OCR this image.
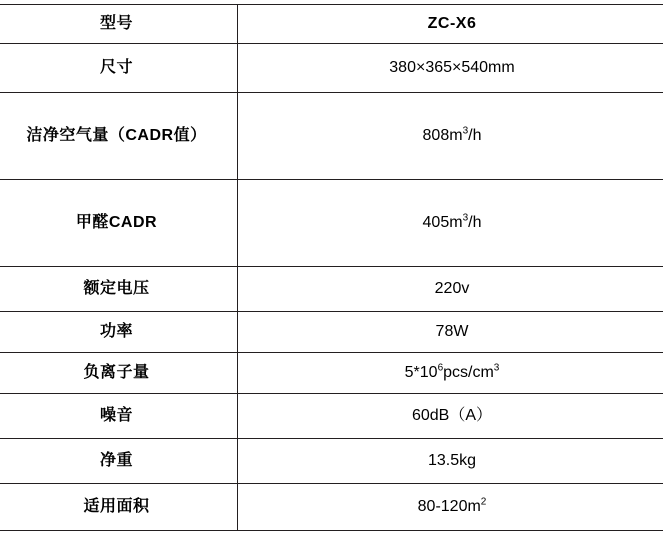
型号	ZC-X6
尺寸	380×365×540mm
洁净空气量（CADR值）	$808m^3/h$
甲醛CADR	$405m^3/h$
额定电压	220v
功率	78W
负离子量	$5*10^6pcs/cm^3$
噪音	60dB（A）
净重	13.5kg
适用面积	$80-120m^2$
